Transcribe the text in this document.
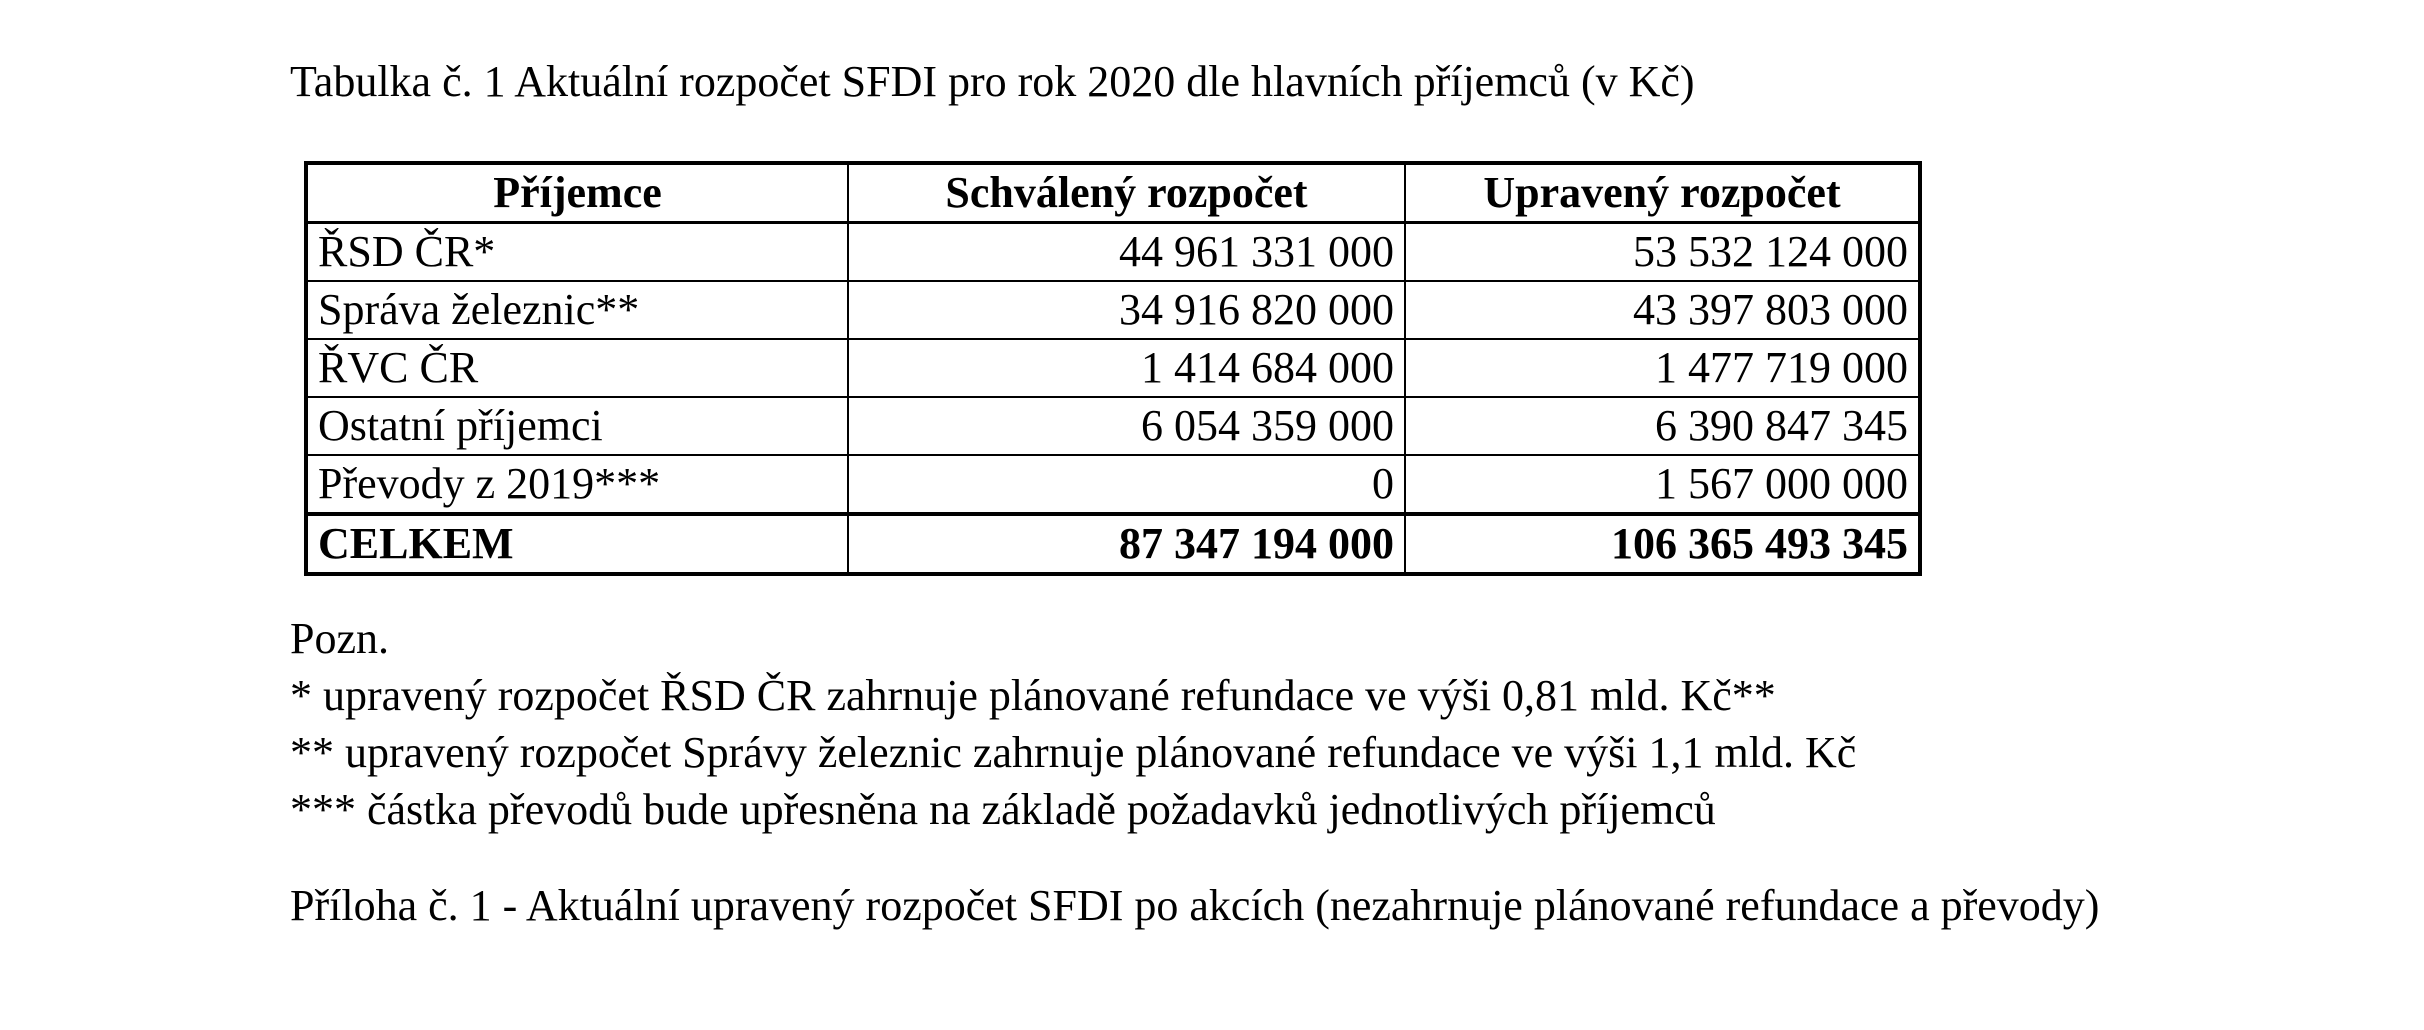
Tabulka č. 1 Aktuální rozpočet SFDI pro rok 2020 dle hlavních příjemců (v Kč)
Příjemce	Schválený rozpočet	Upravený rozpočet
ŘSD ČR*	44 961 331 000	53 532 124 000
Správa železnic**	34 916 820 000	43 397 803 000
ŘVC ČR	1 414 684 000	1 477 719 000
Ostatní příjemci	6 054 359 000	6 390 847 345
Převody z 2019***	0	1 567 000 000
CELKEM	87 347 194 000	106 365 493 345
Pozn.
* upravený rozpočet ŘSD ČR zahrnuje plánované refundace ve výši 0,81 mld. Kč**
** upravený rozpočet Správy železnic zahrnuje plánované refundace ve výši 1,1 mld. Kč
*** částka převodů bude upřesněna na základě požadavků jednotlivých příjemců
Příloha č. 1 - Aktuální upravený rozpočet SFDI po akcích (nezahrnuje plánované refundace a převody)
